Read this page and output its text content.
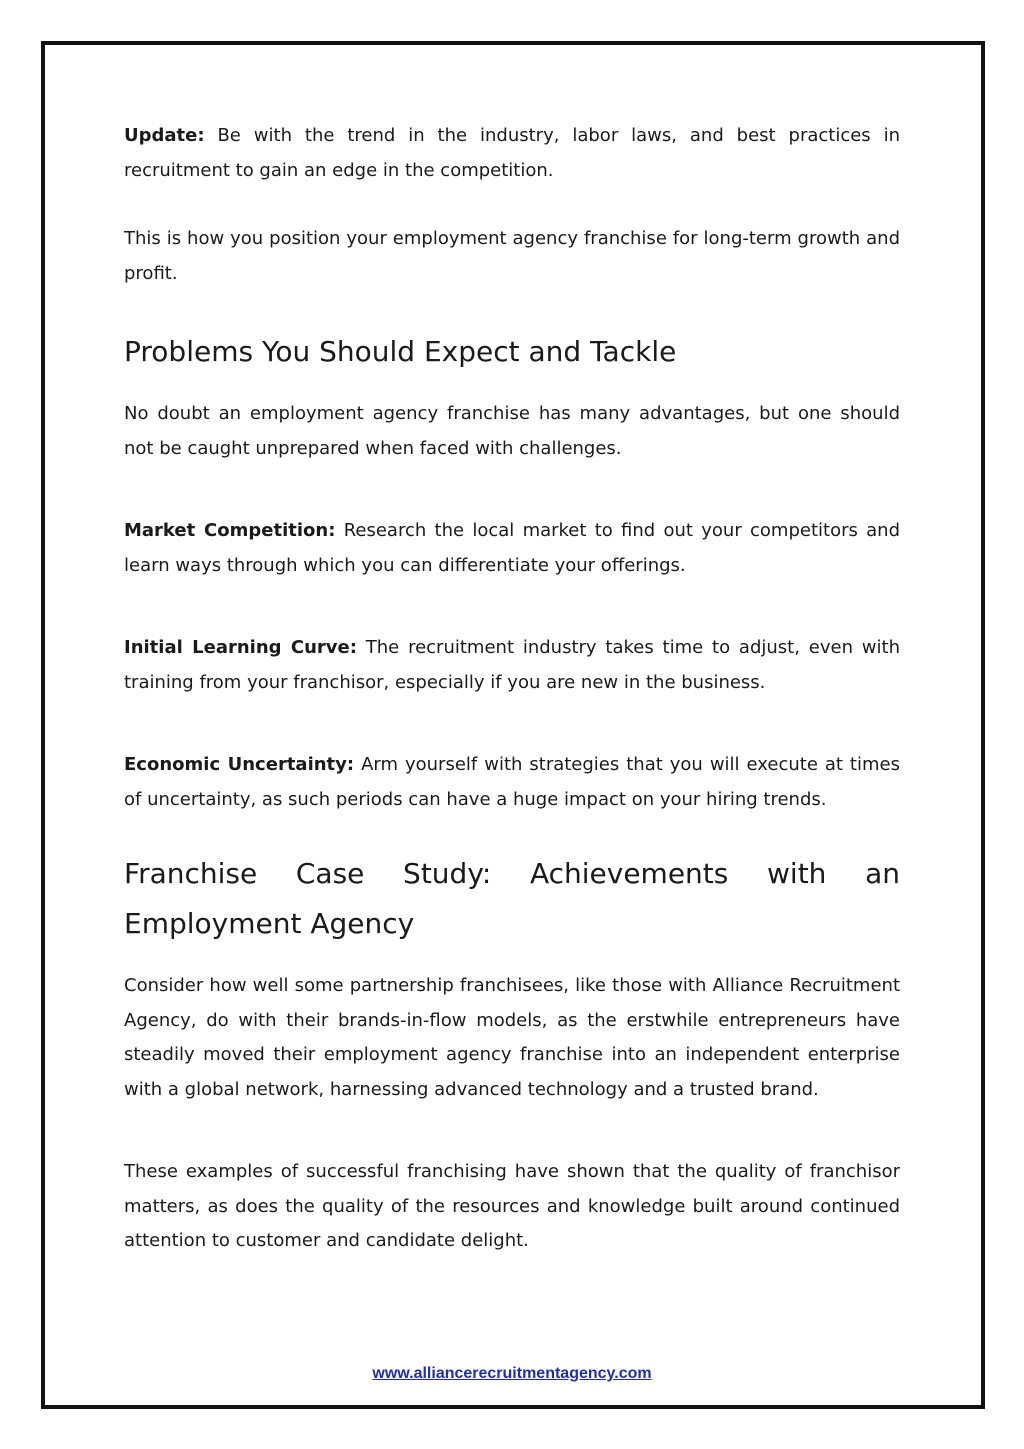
Update: Be with the trend in the industry, labor laws, and best practices in recruitment to gain an edge in the competition.

This is how you position your employment agency franchise for long-term growth and profit.

Problems You Should Expect and Tackle

No doubt an employment agency franchise has many advantages, but one should not be caught unprepared when faced with challenges.

Market Competition: Research the local market to find out your competitors and learn ways through which you can differentiate your offerings.

Initial Learning Curve: The recruitment industry takes time to adjust, even with training from your franchisor, especially if you are new in the business.

Economic Uncertainty: Arm yourself with strategies that you will execute at times of uncertainty, as such periods can have a huge impact on your hiring trends.

Franchise Case Study: Achievements with an Employment Agency

Consider how well some partnership franchisees, like those with Alliance Recruitment Agency, do with their brands-in-flow models, as the erstwhile entrepreneurs have steadily moved their employment agency franchise into an independent enterprise with a global network, harnessing advanced technology and a trusted brand.

These examples of successful franchising have shown that the quality of franchisor matters, as does the quality of the resources and knowledge built around continued attention to customer and candidate delight.

www.alliancerecruitmentagency.com
